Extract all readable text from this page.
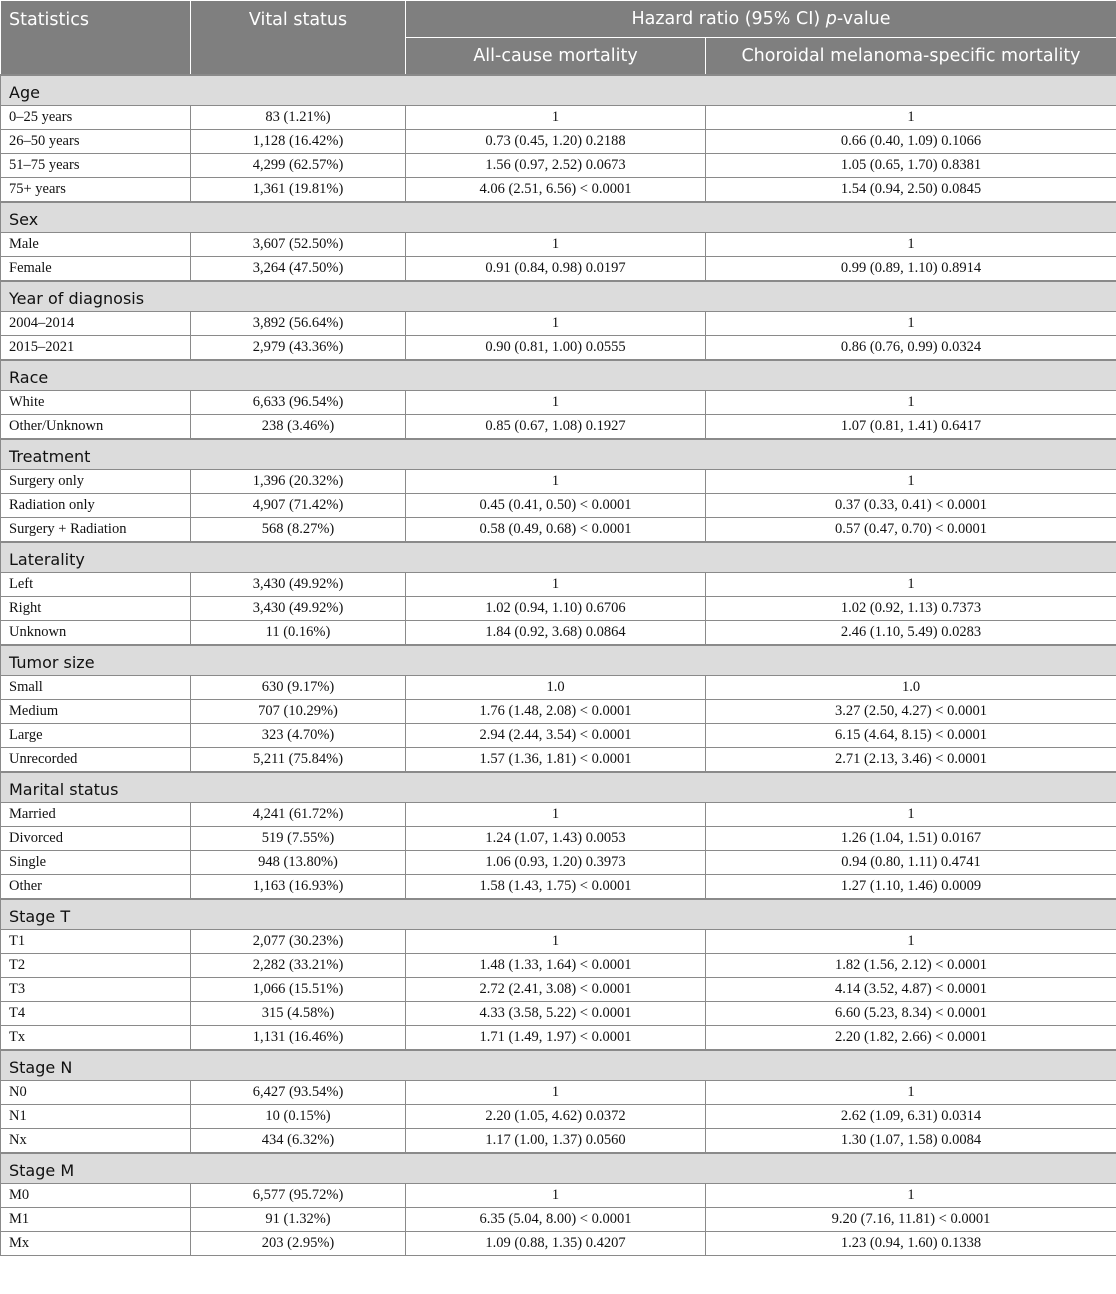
Statistics	Vital status	Hazard ratio (95% CI) p-value	
		All-cause mortality	Choroidal melanoma-specific mortality
Age			
0–25 years	83 (1.21%)	1	1
26–50 years	1,128 (16.42%)	0.73 (0.45, 1.20) 0.2188	0.66 (0.40, 1.09) 0.1066
51–75 years	4,299 (62.57%)	1.56 (0.97, 2.52) 0.0673	1.05 (0.65, 1.70) 0.8381
75+ years	1,361 (19.81%)	4.06 (2.51, 6.56) < 0.0001	1.54 (0.94, 2.50) 0.0845
Sex			
Male	3,607 (52.50%)	1	1
Female	3,264 (47.50%)	0.91 (0.84, 0.98) 0.0197	0.99 (0.89, 1.10) 0.8914
Year of diagnosis			
2004–2014	3,892 (56.64%)	1	1
2015–2021	2,979 (43.36%)	0.90 (0.81, 1.00) 0.0555	0.86 (0.76, 0.99) 0.0324
Race			
White	6,633 (96.54%)	1	1
Other/Unknown	238 (3.46%)	0.85 (0.67, 1.08) 0.1927	1.07 (0.81, 1.41) 0.6417
Treatment			
Surgery only	1,396 (20.32%)	1	1
Radiation only	4,907 (71.42%)	0.45 (0.41, 0.50) < 0.0001	0.37 (0.33, 0.41) < 0.0001
Surgery + Radiation	568 (8.27%)	0.58 (0.49, 0.68) < 0.0001	0.57 (0.47, 0.70) < 0.0001
Laterality			
Left	3,430 (49.92%)	1	1
Right	3,430 (49.92%)	1.02 (0.94, 1.10) 0.6706	1.02 (0.92, 1.13) 0.7373
Unknown	11 (0.16%)	1.84 (0.92, 3.68) 0.0864	2.46 (1.10, 5.49) 0.0283
Tumor size			
Small	630 (9.17%)	1.0	1.0
Medium	707 (10.29%)	1.76 (1.48, 2.08) < 0.0001	3.27 (2.50, 4.27) < 0.0001
Large	323 (4.70%)	2.94 (2.44, 3.54) < 0.0001	6.15 (4.64, 8.15) < 0.0001
Unrecorded	5,211 (75.84%)	1.57 (1.36, 1.81) < 0.0001	2.71 (2.13, 3.46) < 0.0001
Marital status			
Married	4,241 (61.72%)	1	1
Divorced	519 (7.55%)	1.24 (1.07, 1.43) 0.0053	1.26 (1.04, 1.51) 0.0167
Single	948 (13.80%)	1.06 (0.93, 1.20) 0.3973	0.94 (0.80, 1.11) 0.4741
Other	1,163 (16.93%)	1.58 (1.43, 1.75) < 0.0001	1.27 (1.10, 1.46) 0.0009
Stage T			
T1	2,077 (30.23%)	1	1
T2	2,282 (33.21%)	1.48 (1.33, 1.64) < 0.0001	1.82 (1.56, 2.12) < 0.0001
T3	1,066 (15.51%)	2.72 (2.41, 3.08) < 0.0001	4.14 (3.52, 4.87) < 0.0001
T4	315 (4.58%)	4.33 (3.58, 5.22) < 0.0001	6.60 (5.23, 8.34) < 0.0001
Tx	1,131 (16.46%)	1.71 (1.49, 1.97) < 0.0001	2.20 (1.82, 2.66) < 0.0001
Stage N			
N0	6,427 (93.54%)	1	1
N1	10 (0.15%)	2.20 (1.05, 4.62) 0.0372	2.62 (1.09, 6.31) 0.0314
Nx	434 (6.32%)	1.17 (1.00, 1.37) 0.0560	1.30 (1.07, 1.58) 0.0084
Stage M			
M0	6,577 (95.72%)	1	1
M1	91 (1.32%)	6.35 (5.04, 8.00) < 0.0001	9.20 (7.16, 11.81) < 0.0001
Mx	203 (2.95%)	1.09 (0.88, 1.35) 0.4207	1.23 (0.94, 1.60) 0.1338
